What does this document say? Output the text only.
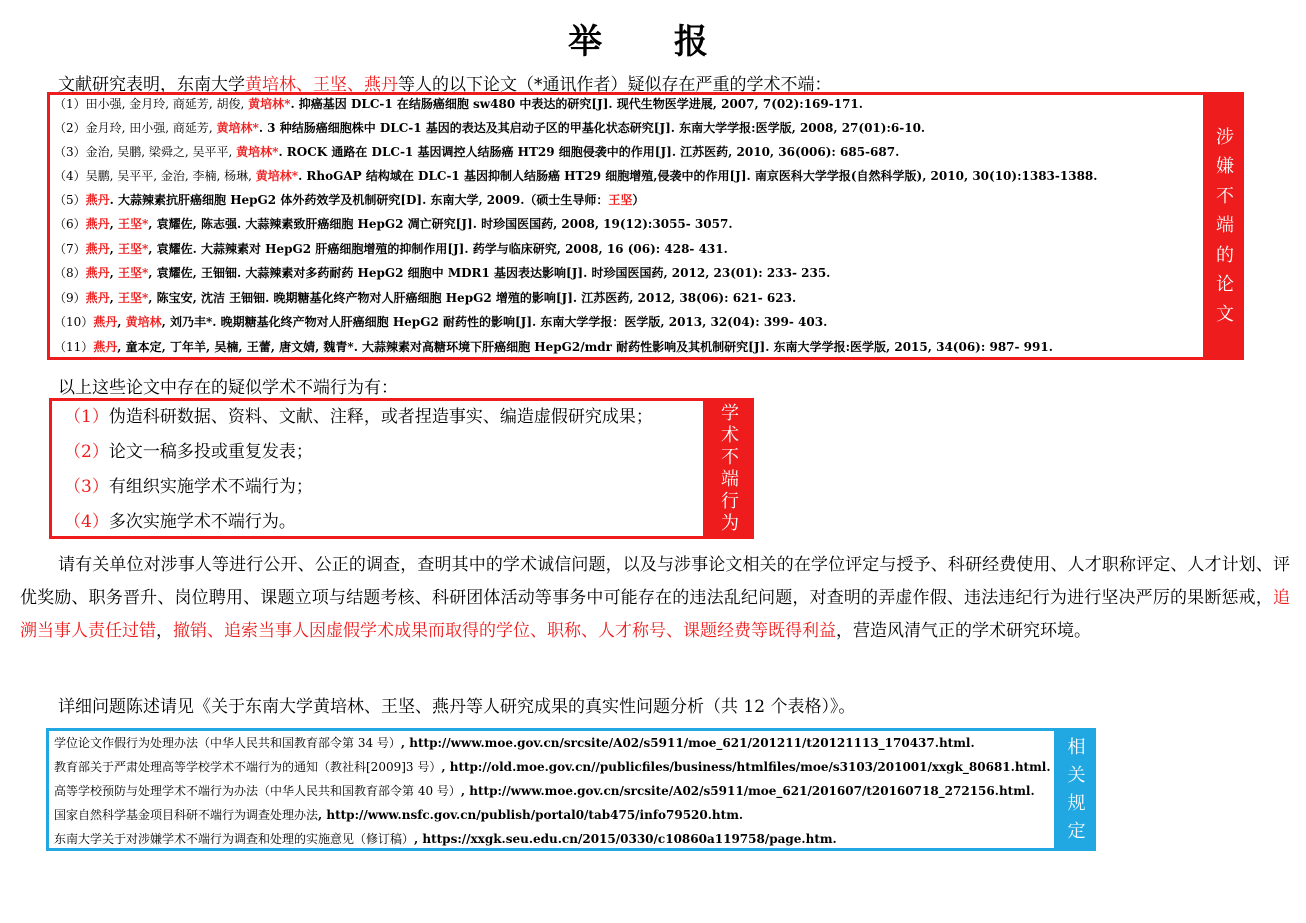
举 报
文献研究表明，东南大学黄培林、王坚、燕丹等人的以下论文（*通讯作者）疑似存在严重的学术不端：
涉
嫌
不
端
的
论
文
（1）田小强, 金月玲, 商延芳, 胡俊, 黄培林*. 抑癌基因 DLC-1 在结肠癌细胞 sw480 中表达的研究[J]. 现代生物医学进展, 2007, 7(02):169-171.
（2）金月玲, 田小强, 商延芳, 黄培林*. 3 种结肠癌细胞株中 DLC-1 基因的表达及其启动子区的甲基化状态研究[J]. 东南大学学报:医学版, 2008, 27(01):6-10.
（3）金治, 吴鹏, 梁舜之, 吴平平, 黄培林*. ROCK 通路在 DLC-1 基因调控人结肠癌 HT29 细胞侵袭中的作用[J]. 江苏医药, 2010, 36(006): 685-687.
（4）吴鹏, 吴平平, 金治, 李楠, 杨琳, 黄培林*. RhoGAP 结构域在 DLC-1 基因抑制人结肠癌 HT29 细胞增殖,侵袭中的作用[J]. 南京医科大学学报(自然科学版), 2010, 30(10):1383-1388.
（5）燕丹. 大蒜辣素抗肝癌细胞 HepG2 体外药效学及机制研究[D]. 东南大学, 2009.（硕士生导师：王坚）
（6）燕丹, 王坚*, 袁耀佐, 陈志强. 大蒜辣素致肝癌细胞 HepG2 凋亡研究[J]. 时珍国医国药, 2008, 19(12):3055- 3057.
（7）燕丹, 王坚*, 袁耀佐. 大蒜辣素对 HepG2 肝癌细胞增殖的抑制作用[J]. 药学与临床研究, 2008, 16 (06): 428- 431.
（8）燕丹, 王坚*, 袁耀佐, 王钿钿. 大蒜辣素对多药耐药 HepG2 细胞中 MDR1 基因表达影响[J]. 时珍国医国药, 2012, 23(01): 233- 235.
（9）燕丹, 王坚*, 陈宝安, 沈洁 王钿钿. 晚期糖基化终产物对人肝癌细胞 HepG2 增殖的影响[J]. 江苏医药, 2012, 38(06): 621- 623.
（10）燕丹, 黄培林, 刘乃丰*. 晚期糖基化终产物对人肝癌细胞 HepG2 耐药性的影响[J]. 东南大学学报：医学版, 2013, 32(04): 399- 403.
（11）燕丹, 童本定, 丁年羊, 吴楠, 王蕾, 唐文婧, 魏青*. 大蒜辣素对高糖环境下肝癌细胞 HepG2/mdr 耐药性影响及其机制研究[J]. 东南大学学报:医学版, 2015, 34(06): 987- 991.
以上这些论文中存在的疑似学术不端行为有：
学
术
不
端
行
为
（1）伪造科研数据、资料、文献、注释，或者捏造事实、编造虚假研究成果；
（2）论文一稿多投或重复发表；
（3）有组织实施学术不端行为；
（4）多次实施学术不端行为。
请有关单位对涉事人等进行公开、公正的调查，查明其中的学术诚信问题，以及与涉事论文相关的在学位评定与授予、科研经费使用、人才职称评定、人才计划、评优奖励、职务晋升、岗位聘用、课题立项与结题考核、科研团体活动等事务中可能存在的违法乱纪问题，对查明的弄虚作假、违法违纪行为进行坚决严厉的果断惩戒，追溯当事人责任过错，撤销、追索当事人因虚假学术成果而取得的学位、职称、人才称号、课题经费等既得利益，营造风清气正的学术研究环境。
详细问题陈述请见《关于东南大学黄培林、王坚、燕丹等人研究成果的真实性问题分析（共 12 个表格）》。
相
关
规
定
学位论文作假行为处理办法（中华人民共和国教育部令第 34 号）, http://www.moe.gov.cn/srcsite/A02/s5911/moe_621/201211/t20121113_170437.html.
教育部关于严肃处理高等学校学术不端行为的通知（教社科[2009]3 号）, http://old.moe.gov.cn//publicfiles/business/htmlfiles/moe/s3103/201001/xxgk_80681.html.
高等学校预防与处理学术不端行为办法（中华人民共和国教育部令第 40 号）, http://www.moe.gov.cn/srcsite/A02/s5911/moe_621/201607/t20160718_272156.html.
国家自然科学基金项目科研不端行为调查处理办法, http://www.nsfc.gov.cn/publish/portal0/tab475/info79520.htm.
东南大学关于对涉嫌学术不端行为调查和处理的实施意见（修订稿）, https://xxgk.seu.edu.cn/2015/0330/c10860a119758/page.htm.
